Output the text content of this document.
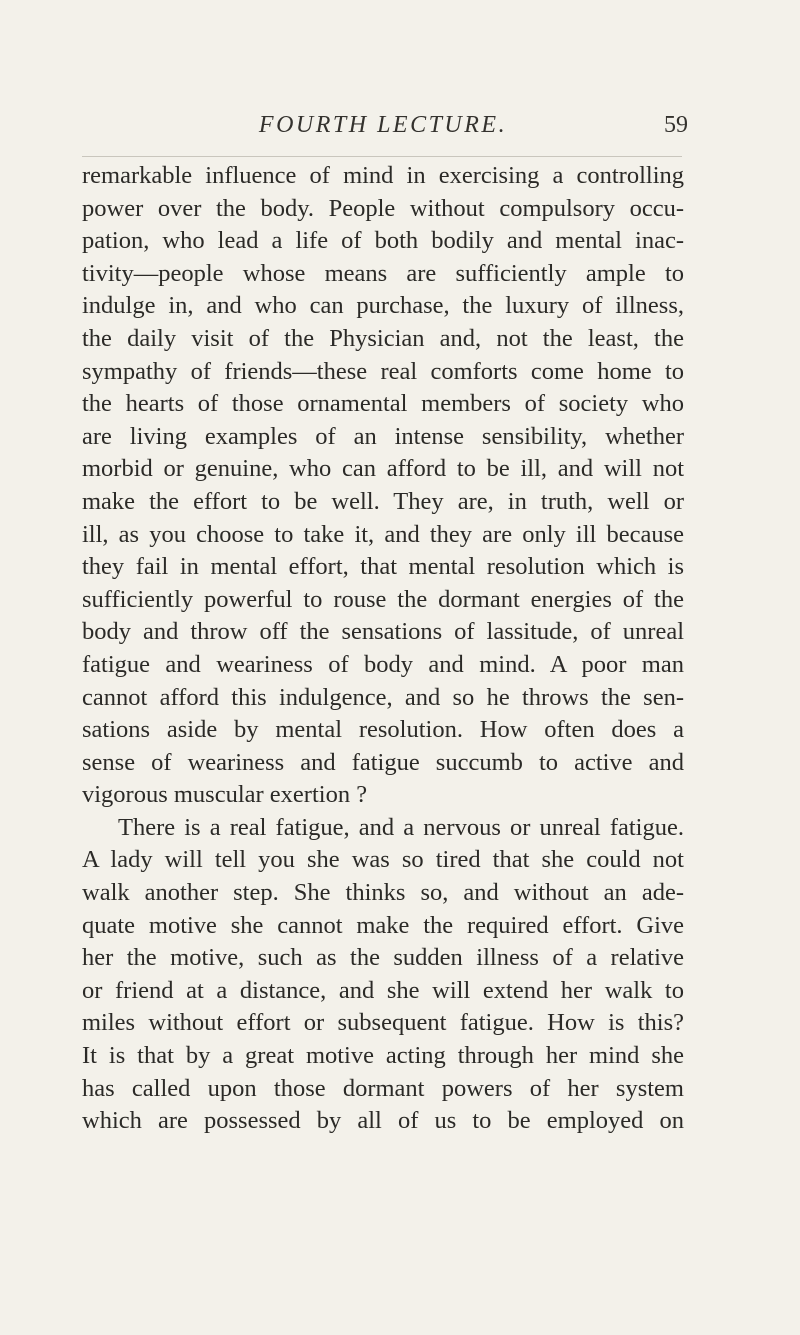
FOURTH LECTURE.	59
remarkable influence of mind in exercising a controlling
power over the body. People without compulsory occu-
pation, who lead a life of both bodily and mental inac-
tivity—people whose means are sufficiently ample to
indulge in, and who can purchase, the luxury of illness,
the daily visit of the Physician and, not the least, the
sympathy of friends—these real comforts come home to
the hearts of those ornamental members of society who
are living examples of an intense sensibility, whether
morbid or genuine, who can afford to be ill, and will not
make the effort to be well. They are, in truth, well or
ill, as you choose to take it, and they are only ill because
they fail in mental effort, that mental resolution which is
sufficiently powerful to rouse the dormant energies of the
body and throw off the sensations of lassitude, of unreal
fatigue and weariness of body and mind. A poor man
cannot afford this indulgence, and so he throws the sen-
sations aside by mental resolution. How often does a
sense of weariness and fatigue succumb to active and
vigorous muscular exertion ?
There is a real fatigue, and a nervous or unreal fatigue.
A lady will tell you she was so tired that she could not
walk another step. She thinks so, and without an ade-
quate motive she cannot make the required effort. Give
her the motive, such as the sudden illness of a relative
or friend at a distance, and she will extend her walk to
miles without effort or subsequent fatigue. How is this?
It is that by a great motive acting through her mind she
has called upon those dormant powers of her system
which are possessed by all of us to be employed on
